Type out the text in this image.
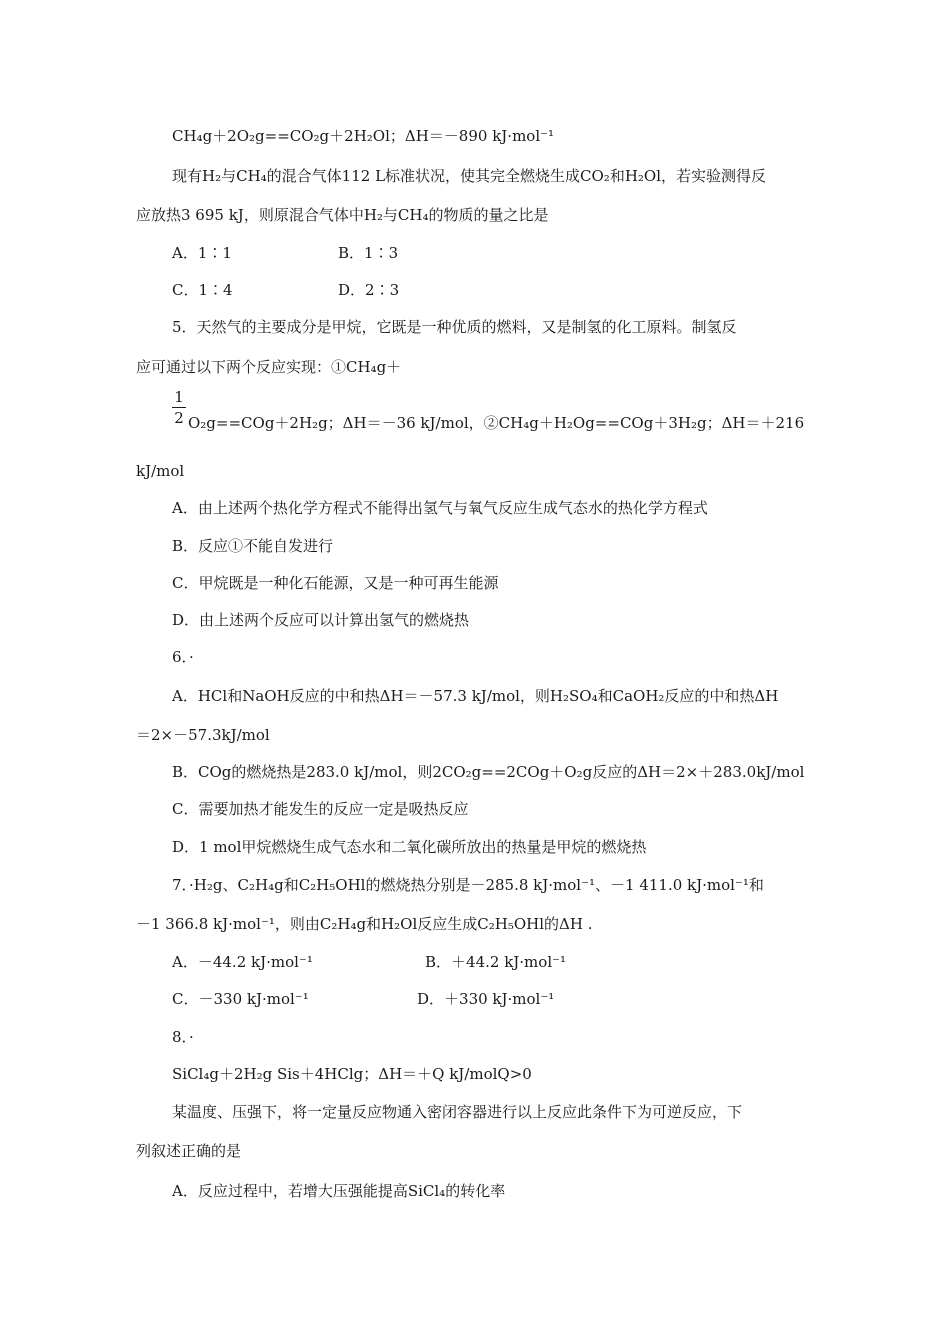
CH₄g＋2O₂g==CO₂g＋2H₂Ol；ΔH＝－890 kJ·mol⁻¹
现有H₂与CH₄的混合气体112 L标准状况，使其完全燃烧生成CO₂和H₂Ol，若实验测得反
应放热3 695 kJ，则原混合气体中H₂与CH₄的物质的量之比是
A．1∶1	B．1∶3
C．1∶4	D．2∶3
5．天然气的主要成分是甲烷，它既是一种优质的燃料，又是制氢的化工原料。制氢反
应可通过以下两个反应实现：①CH₄g＋
1
2 O₂g==COg＋2H₂g；ΔH＝－36 kJ/mol，②CH₄g＋H₂Og==COg＋3H₂g；ΔH＝＋216
kJ/mol
A．由上述两个热化学方程式不能得出氢气与氧气反应生成气态水的热化学方程式
B．反应①不能自发进行
C．甲烷既是一种化石能源，又是一种可再生能源
D．由上述两个反应可以计算出氢气的燃烧热
6．·
A．HCl和NaOH反应的中和热ΔH＝－57.3 kJ/mol，则H₂SO₄和CaOH₂反应的中和热ΔH
＝2×－57.3kJ/mol
B．COg的燃烧热是283.0 kJ/mol，则2CO₂g==2COg＋O₂g反应的ΔH＝2×＋283.0kJ/mol
C．需要加热才能发生的反应一定是吸热反应
D．1 mol甲烷燃烧生成气态水和二氧化碳所放出的热量是甲烷的燃烧热
7．·H₂g、C₂H₄g和C₂H₅OHl的燃烧热分别是－285.8 kJ·mol⁻¹、－1 411.0 kJ·mol⁻¹和
－1 366.8 kJ·mol⁻¹，则由C₂H₄g和H₂Ol反应生成C₂H₅OHl的ΔH .
A．－44.2 kJ·mol⁻¹	B．＋44.2 kJ·mol⁻¹
C．－330 kJ·mol⁻¹	D．＋330 kJ·mol⁻¹
8．·
SiCl₄g＋2H₂g Sis＋4HClg；ΔH＝＋Q kJ/molQ>0
某温度、压强下，将一定量反应物通入密闭容器进行以上反应此条件下为可逆反应，下
列叙述正确的是
A．反应过程中，若增大压强能提高SiCl₄的转化率
